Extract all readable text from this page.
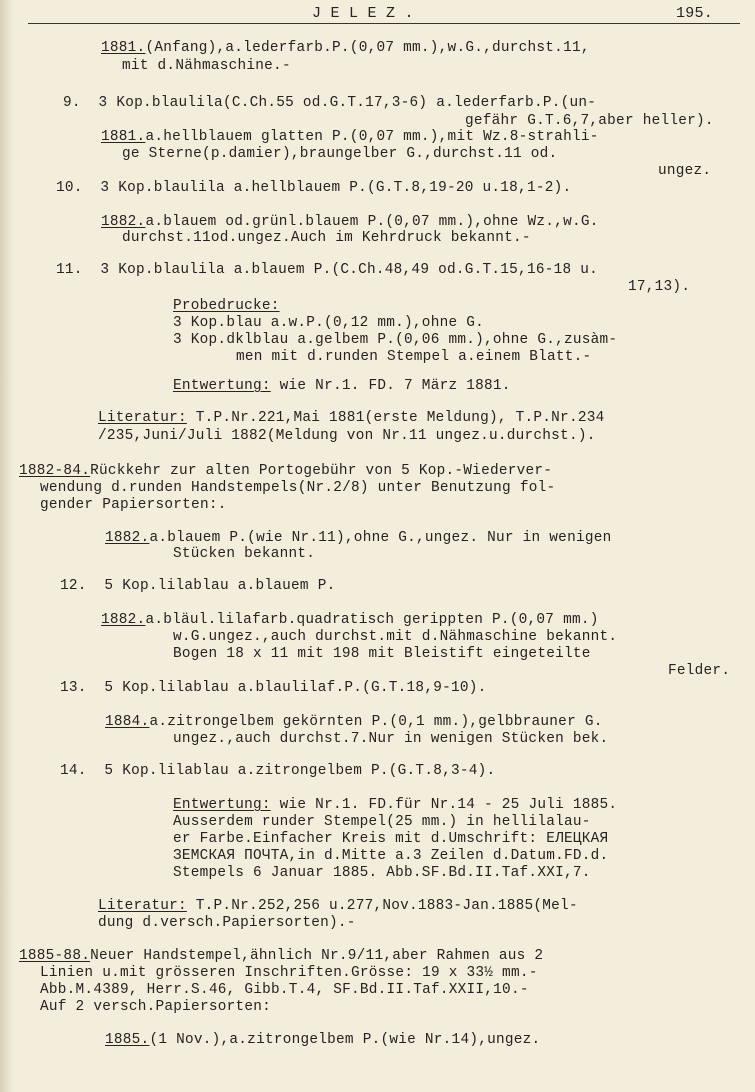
J E L E Z .	195.
1881.(Anfang),a.lederfarb.P.(0,07 mm.),w.G.,durchst.11,
mit d.Nähmaschine.-
9.  3 Kop.blaulila(C.Ch.55 od.G.T.17,3-6) a.lederfarb.P.(un-
gefähr G.T.6,7,aber heller).
1881.a.hellblauem glatten P.(0,07 mm.),mit Wz.8-strahli-
ge Sterne(p.damier),braungelber G.,durchst.11 od.
ungez.
10.  3 Kop.blaulila a.hellblauem P.(G.T.8,19-20 u.18,1-2).
1882.a.blauem od.grünl.blauem P.(0,07 mm.),ohne Wz.,w.G.
durchst.11od.ungez.Auch im Kehrdruck bekannt.-
11.  3 Kop.blaulila a.blauem P.(C.Ch.48,49 od.G.T.15,16-18 u.
17,13).
Probedrucke:
3 Kop.blau a.w.P.(0,12 mm.),ohne G.
3 Kop.dklblau a.gelbem P.(0,06 mm.),ohne G.,zusàm-
men mit d.runden Stempel a.einem Blatt.-
Entwertung: wie Nr.1. FD. 7 März 1881.
Literatur: T.P.Nr.221,Mai 1881(erste Meldung), T.P.Nr.234
/235,Juni/Juli 1882(Meldung von Nr.11 ungez.u.durchst.).
1882-84.Rückkehr zur alten Portogebühr von 5 Kop.-Wiederver-
wendung d.runden Handstempels(Nr.2/8) unter Benutzung fol-
gender Papiersorten:.
1882.a.blauem P.(wie Nr.11),ohne G.,ungez. Nur in wenigen
Stücken bekannt.
12.  5 Kop.lilablau a.blauem P.
1882.a.bläul.lilafarb.quadratisch gerippten P.(0,07 mm.)
w.G.ungez.,auch durchst.mit d.Nähmaschine bekannt.
Bogen 18 x 11 mit 198 mit Bleistift eingeteilte
Felder.
13.  5 Kop.lilablau a.blaulilaf.P.(G.T.18,9-10).
1884.a.zitrongelbem gekörnten P.(0,1 mm.),gelbbrauner G.
ungez.,auch durchst.7.Nur in wenigen Stücken bek.
14.  5 Kop.lilablau a.zitrongelbem P.(G.T.8,3-4).
Entwertung: wie Nr.1. FD.für Nr.14 - 25 Juli 1885.
Ausserdem runder Stempel(25 mm.) in hellilalau-
er Farbe.Einfacher Kreis mit d.Umschrift: ЕЛЕЦКАЯ
ЗЕМСКАЯ ПОЧТА,in d.Mitte a.3 Zeilen d.Datum.FD.d.
Stempels 6 Januar 1885. Abb.SF.Bd.II.Taf.XXI,7.
Literatur: T.P.Nr.252,256 u.277,Nov.1883-Jan.1885(Mel-
dung d.versch.Papiersorten).-
1885-88.Neuer Handstempel,ähnlich Nr.9/11,aber Rahmen aus 2
Linien u.mit grösseren Inschriften.Grösse: 19 x 33½ mm.-
Abb.M.4389, Herr.S.46, Gibb.T.4, SF.Bd.II.Taf.XXII,10.-
Auf 2 versch.Papiersorten:
1885.(1 Nov.),a.zitrongelbem P.(wie Nr.14),ungez.
